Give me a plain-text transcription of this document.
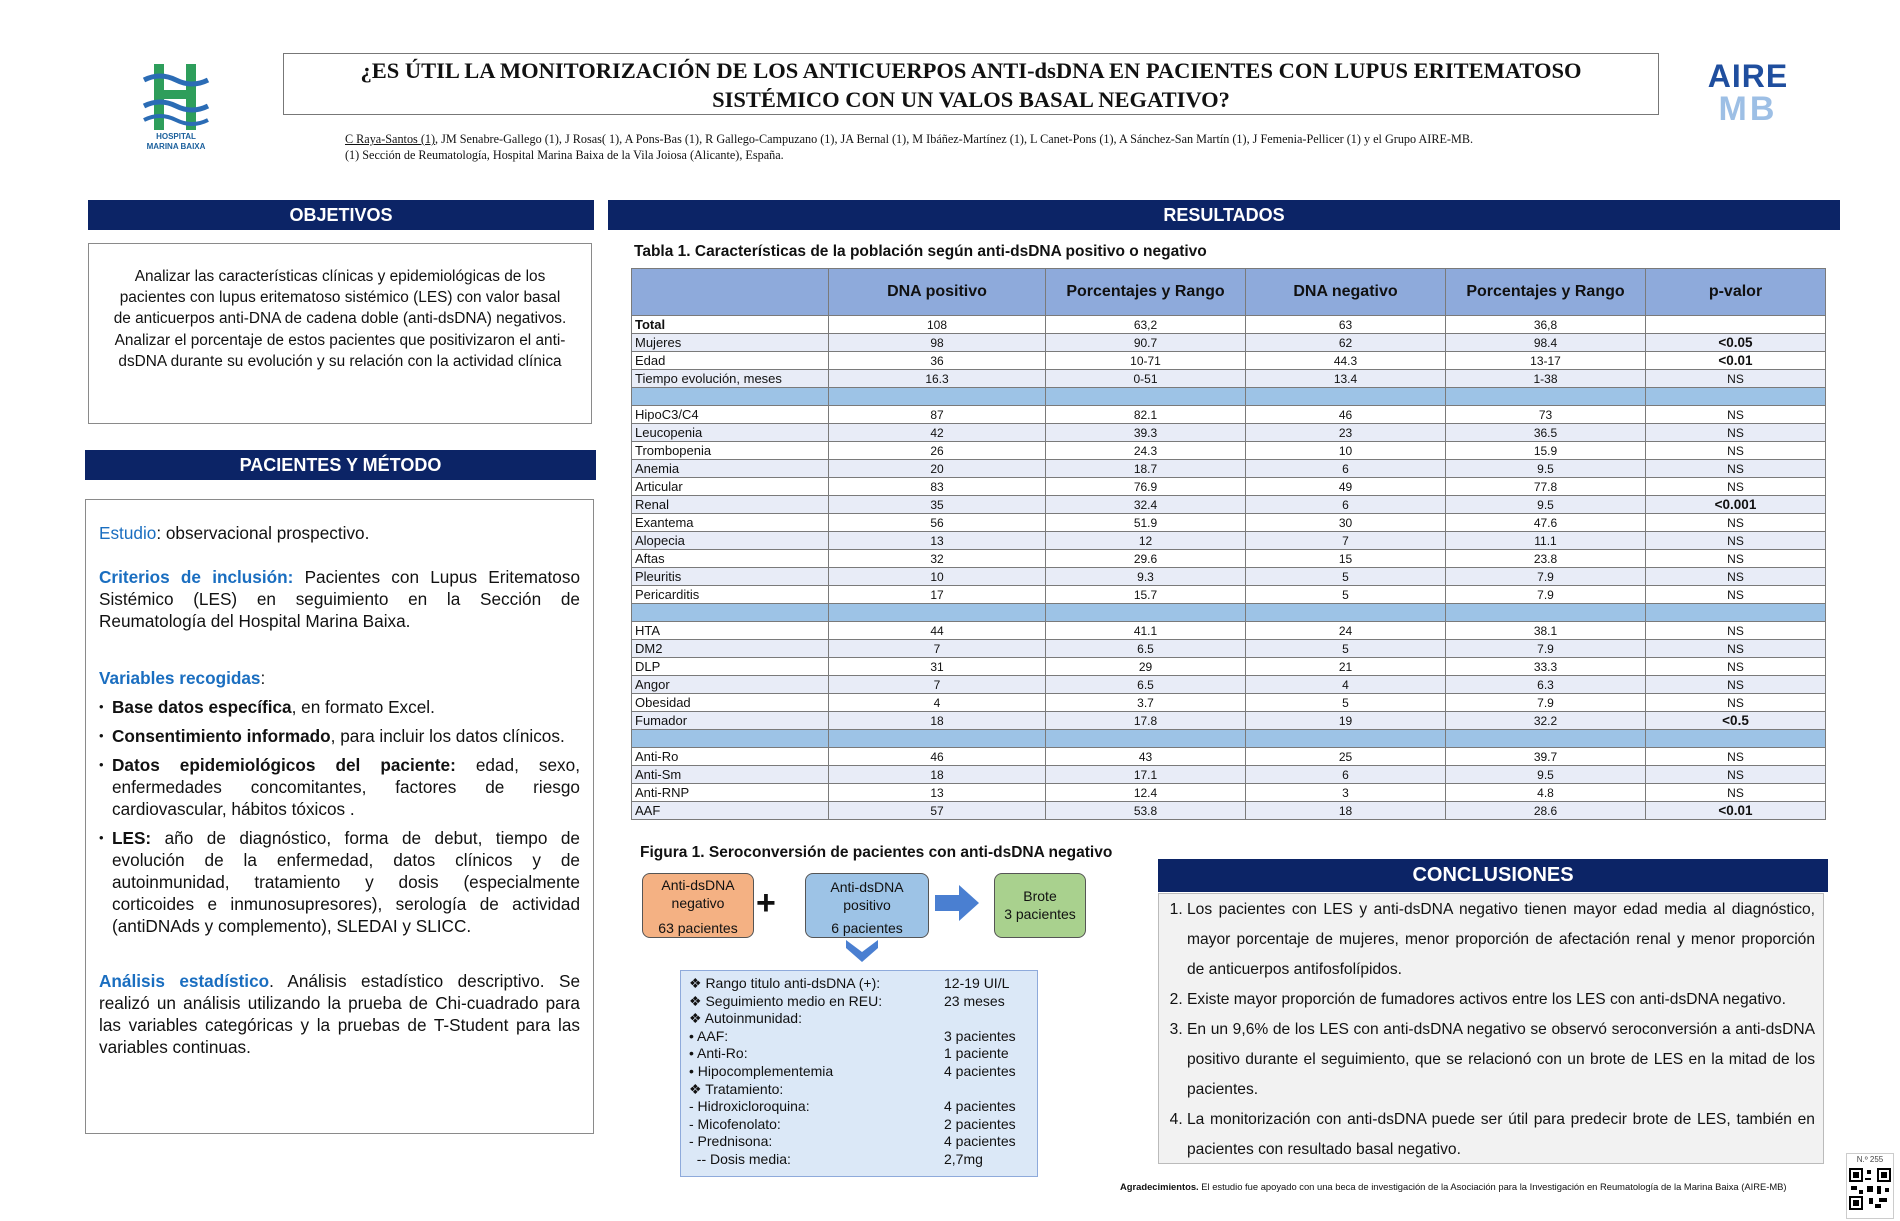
HOSPITAL MARINA BAIXA
¿ES ÚTIL LA MONITORIZACIÓN DE LOS ANTICUERPOS ANTI-dsDNA EN PACIENTES CON LUPUS ERITEMATOSO
SISTÉMICO CON UN VALOS BASAL NEGATIVO?
C Raya-Santos (1), JM Senabre-Gallego (1), J Rosas( 1), A Pons-Bas (1), R Gallego-Campuzano (1), JA Bernal (1), M Ibáñez-Martínez (1), L Canet-Pons (1), A Sánchez-San Martín (1), J Femenia-Pellicer (1) y el Grupo AIRE-MB.
(1) Sección de Reumatología, Hospital Marina Baixa de la Vila Joiosa (Alicante), España.
AIRE
MB
OBJETIVOS
Analizar las características clínicas y epidemiológicas de los pacientes con lupus eritematoso sistémico (LES) con valor basal de anticuerpos anti-DNA de cadena doble (anti-dsDNA) negativos. Analizar el porcentaje de estos pacientes que positivizaron el anti-dsDNA durante su evolución y su relación con la actividad clínica
PACIENTES Y MÉTODO

Estudio: observacional prospectivo.

Criterios de inclusión: Pacientes con Lupus Eritematoso Sistémico (LES) en seguimiento en la Sección de Reumatología del Hospital Marina Baixa.

Variables recogidas:

• Base datos específica, en formato Excel.
• Consentimiento informado, para incluir los datos clínicos.
• Datos epidemiológicos del paciente: edad, sexo, enfermedades concomitantes, factores de riesgo cardiovascular, hábitos tóxicos .
• LES: año de diagnóstico, forma de debut, tiempo de evolución de la enfermedad, datos clínicos y de autoinmunidad, tratamiento y dosis (especialmente corticoides e inmunosupresores), serología de actividad (antiDNAds y complemento), SLEDAI y SLICC.

Análisis estadístico. Análisis estadístico descriptivo. Se realizó un análisis utilizando la prueba de Chi-cuadrado para las variables categóricas y la pruebas de T-Student para las variables continuas.

RESULTADOS
Tabla 1. Características de la población según anti-dsDNA positivo o negativo
	DNA positivo	Porcentajes y Rango	DNA negativo	Porcentajes y Rango	p-valor
Total	108	63,2	63	36,8	
Mujeres	98	90.7	62	98.4	<0.05
Edad	36	10-71	44.3	13-17	<0.01
Tiempo evolución, meses	16.3	0-51	13.4	1-38	NS

HipoC3/C4	87	82.1	46	73	NS
Leucopenia	42	39.3	23	36.5	NS
Trombopenia	26	24.3	10	15.9	NS
Anemia	20	18.7	6	9.5	NS
Articular	83	76.9	49	77.8	NS
Renal	35	32.4	6	9.5	<0.001
Exantema	56	51.9	30	47.6	NS
Alopecia	13	12	7	11.1	NS
Aftas	32	29.6	15	23.8	NS
Pleuritis	10	9.3	5	7.9	NS
Pericarditis	17	15.7	5	7.9	NS

HTA	44	41.1	24	38.1	NS
DM2	7	6.5	5	7.9	NS
DLP	31	29	21	33.3	NS
Angor	7	6.5	4	6.3	NS
Obesidad	4	3.7	5	7.9	NS
Fumador	18	17.8	19	32.2	<0.5

Anti-Ro	46	43	25	39.7	NS
Anti-Sm	18	17.1	6	9.5	NS
Anti-RNP	13	12.4	3	4.8	NS
AAF	57	53.8	18	28.6	<0.01
Figura 1. Seroconversión de pacientes con anti-dsDNA negativo
Anti-dsDNA
negativo
63 pacientes
+	Anti-dsDNA
positivo
6 pacientes
Brote
3 pacientes
❖ Rango titulo anti-dsDNA (+):	12-19 UI/L
❖ Seguimiento medio en REU:	23 meses
❖ Autoinmunidad:
• AAF:	3 pacientes
• Anti-Ro:	1 paciente
• Hipocomplementemia	4 pacientes
❖ Tratamiento:
- Hidroxicloroquina:	4 pacientes
- Micofenolato:	2 pacientes
- Prednisona:	4 pacientes
-- Dosis media:	2,7mg
CONCLUSIONES
1. Los pacientes con LES y anti-dsDNA negativo tienen mayor edad media al diagnóstico, mayor porcentaje de mujeres, menor proporción de afectación renal y menor proporción de anticuerpos antifosfolípidos.
2. Existe mayor proporción de fumadores activos entre los LES con anti-dsDNA negativo.
3. En un 9,6% de los LES con anti-dsDNA negativo se observó seroconversión a anti-dsDNA positivo durante el seguimiento, que se relacionó con un brote de LES en la mitad de los pacientes.
4. La monitorización con anti-dsDNA puede ser útil para predecir brote de LES, también en pacientes con resultado basal negativo.
Agradecimientos. El estudio fue apoyado con una beca de investigación de la Asociación para la Investigación en Reumatología de la Marina Baixa (AIRE-MB)
N.º 255
